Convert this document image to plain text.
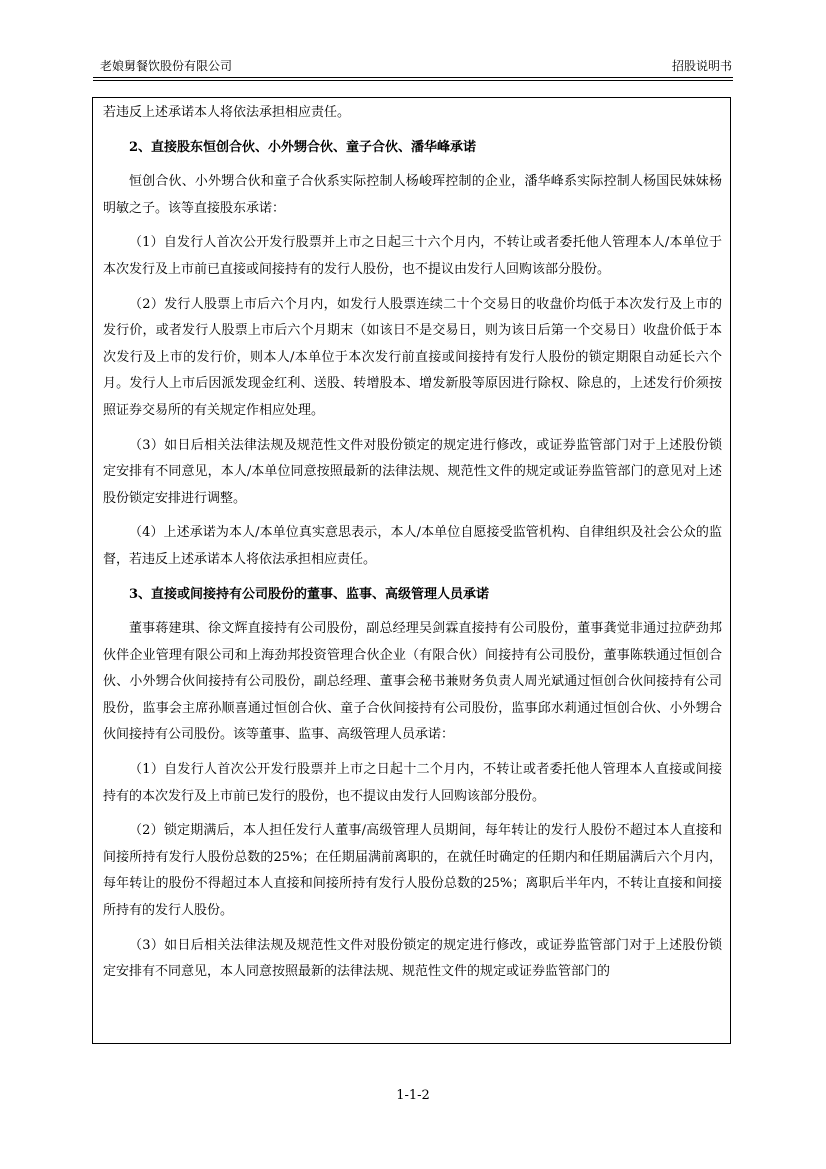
老娘舅餐饮股份有限公司	招股说明书

若违反上述承诺本人将依法承担相应责任。

2、直接股东恒创合伙、小外甥合伙、童子合伙、潘华峰承诺

恒创合伙、小外甥合伙和童子合伙系实际控制人杨峻珲控制的企业，潘华峰系实际控制人杨国民妹妹杨明敏之子。该等直接股东承诺：

（1）自发行人首次公开发行股票并上市之日起三十六个月内，不转让或者委托他人管理本人/本单位于本次发行及上市前已直接或间接持有的发行人股份，也不提议由发行人回购该部分股份。

（2）发行人股票上市后六个月内，如发行人股票连续二十个交易日的收盘价均低于本次发行及上市的发行价，或者发行人股票上市后六个月期末（如该日不是交易日，则为该日后第一个交易日）收盘价低于本次发行及上市的发行价，则本人/本单位于本次发行前直接或间接持有发行人股份的锁定期限自动延长六个月。发行人上市后因派发现金红利、送股、转增股本、增发新股等原因进行除权、除息的，上述发行价须按照证券交易所的有关规定作相应处理。

（3）如日后相关法律法规及规范性文件对股份锁定的规定进行修改，或证券监管部门对于上述股份锁定安排有不同意见，本人/本单位同意按照最新的法律法规、规范性文件的规定或证券监管部门的意见对上述股份锁定安排进行调整。

（4）上述承诺为本人/本单位真实意思表示，本人/本单位自愿接受监管机构、自律组织及社会公众的监督，若违反上述承诺本人将依法承担相应责任。

3、直接或间接持有公司股份的董事、监事、高级管理人员承诺

董事蒋建琪、徐文辉直接持有公司股份，副总经理吴剑霖直接持有公司股份，董事龚觉非通过拉萨劲邦伙伴企业管理有限公司和上海劲邦投资管理合伙企业（有限合伙）间接持有公司股份，董事陈轶通过恒创合伙、小外甥合伙间接持有公司股份，副总经理、董事会秘书兼财务负责人周光斌通过恒创合伙间接持有公司股份，监事会主席孙顺喜通过恒创合伙、童子合伙间接持有公司股份，监事邱水莉通过恒创合伙、小外甥合伙间接持有公司股份。该等董事、监事、高级管理人员承诺：

（1）自发行人首次公开发行股票并上市之日起十二个月内，不转让或者委托他人管理本人直接或间接持有的本次发行及上市前已发行的股份，也不提议由发行人回购该部分股份。

（2）锁定期满后，本人担任发行人董事/高级管理人员期间，每年转让的发行人股份不超过本人直接和间接所持有发行人股份总数的25%；在任期届满前离职的，在就任时确定的任期内和任期届满后六个月内，每年转让的股份不得超过本人直接和间接所持有发行人股份总数的25%；离职后半年内，不转让直接和间接所持有的发行人股份。

（3）如日后相关法律法规及规范性文件对股份锁定的规定进行修改，或证券监管部门对于上述股份锁定安排有不同意见，本人同意按照最新的法律法规、规范性文件的规定或证券监管部门的

1-1-2
